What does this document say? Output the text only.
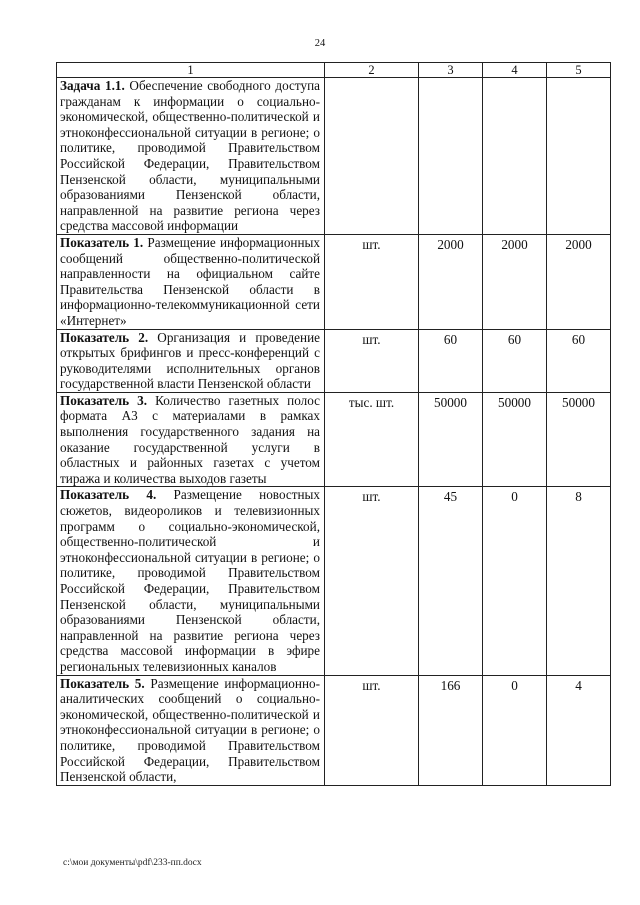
24
1	2	3	4	5
Задача 1.1. Обеспечение свободного доступа гражданам к информации о социально-экономической, общественно-политической и этноконфессиональной ситуации в регионе; о политике, проводимой Правительством Российской Федерации, Правительством Пензенской области, муниципальными образованиями Пензенской области, направленной на развитие региона через средства массовой информации				
Показатель 1. Размещение информационных сообщений общественно-политической направленности на официальном сайте Правительства Пензенской области в информационно-телекоммуникационной сети «Интернет»	шт.	2000	2000	2000
Показатель 2. Организация и проведение открытых брифингов и пресс-конференций с руководителями исполнительных органов государственной власти Пензенской области	шт.	60	60	60
Показатель 3. Количество газетных полос формата А3 с материалами в рамках выполнения государственного задания на оказание государственной услуги в областных и районных газетах с учетом тиража и количества выходов газеты	тыс. шт.	50000	50000	50000
Показатель 4. Размещение новостных сюжетов, видеороликов и телевизионных программ о социально-экономической, общественно-политической и этноконфессиональной ситуации в регионе; о политике, проводимой Правительством Российской Федерации, Правительством Пензенской области, муниципальными образованиями Пензенской области, направленной на развитие региона через средства массовой информации в эфире региональных телевизионных каналов	шт.	45	0	8
Показатель 5. Размещение информационно-аналитических сообщений о социально-экономической, общественно-политической и этноконфессиональной ситуации в регионе; о политике, проводимой Правительством Российской Федерации, Правительством Пензенской области,	шт.	166	0	4
c:\мои документы\pdf\233-пп.docx
